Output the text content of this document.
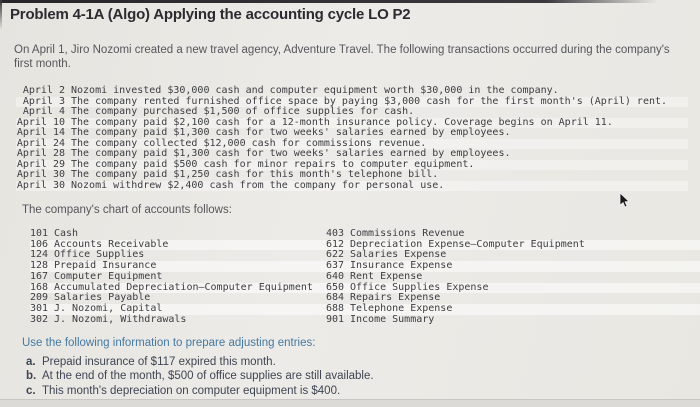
Problem 4-1A (Algo) Applying the accounting cycle LO P2
On April 1, Jiro Nozomi created a new travel agency, Adventure Travel. The following transactions occurred during the company's first month.
April 2 Nozomi invested $30,000 cash and computer equipment worth $30,000 in the company.
April 3 The company rented furnished office space by paying $3,000 cash for the first month's (April) rent.
April 4 The company purchased $1,500 of office supplies for cash.
April 10 The company paid $2,100 cash for a 12-month insurance policy. Coverage begins on April 11.
April 14 The company paid $1,300 cash for two weeks' salaries earned by employees.
April 24 The company collected $12,000 cash for commissions revenue.
April 28 The company paid $1,300 cash for two weeks' salaries earned by employees.
April 29 The company paid $500 cash for minor repairs to computer equipment.
April 30 The company paid $1,250 cash for this month's telephone bill.
April 30 Nozomi withdrew $2,400 cash from the company for personal use.
The company's chart of accounts follows:
101 Cash	403 Commissions Revenue
106 Accounts Receivable	612 Depreciation Expense—Computer Equipment
124 Office Supplies	622 Salaries Expense
128 Prepaid Insurance	637 Insurance Expense
167 Computer Equipment	640 Rent Expense
168 Accumulated Depreciation—Computer Equipment	650 Office Supplies Expense
209 Salaries Payable	684 Repairs Expense
301 J. Nozomi, Capital	688 Telephone Expense
302 J. Nozomi, Withdrawals	901 Income Summary
Use the following information to prepare adjusting entries:
a. Prepaid insurance of $117 expired this month.
b. At the end of the month, $500 of office supplies are still available.
c. This month's depreciation on computer equipment is $400.
